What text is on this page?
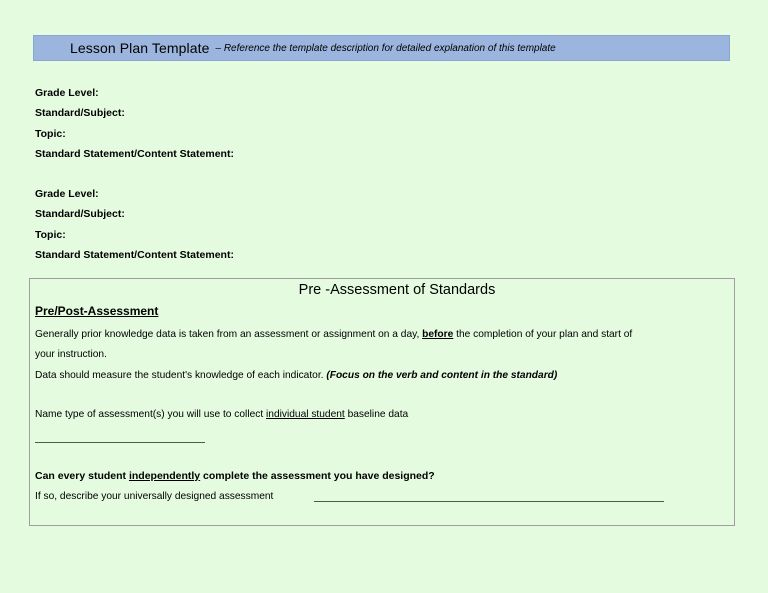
Lesson Plan Template – Reference the template description for detailed explanation of this template
Grade Level:
Standard/Subject:
Topic:
Standard Statement/Content Statement:
Grade Level:
Standard/Subject:
Topic:
Standard Statement/Content Statement:
Pre -Assessment of Standards
Pre/Post-Assessment
Generally prior knowledge data is taken from an assessment or assignment on a day, before the completion of your plan and start of
your instruction.
Data should measure the student's knowledge of each indicator. (Focus on the verb and content in the standard)
Name type of assessment(s) you will use to collect individual student baseline data
Can every student independently complete the assessment you have designed?
If so, describe your universally designed assessment
